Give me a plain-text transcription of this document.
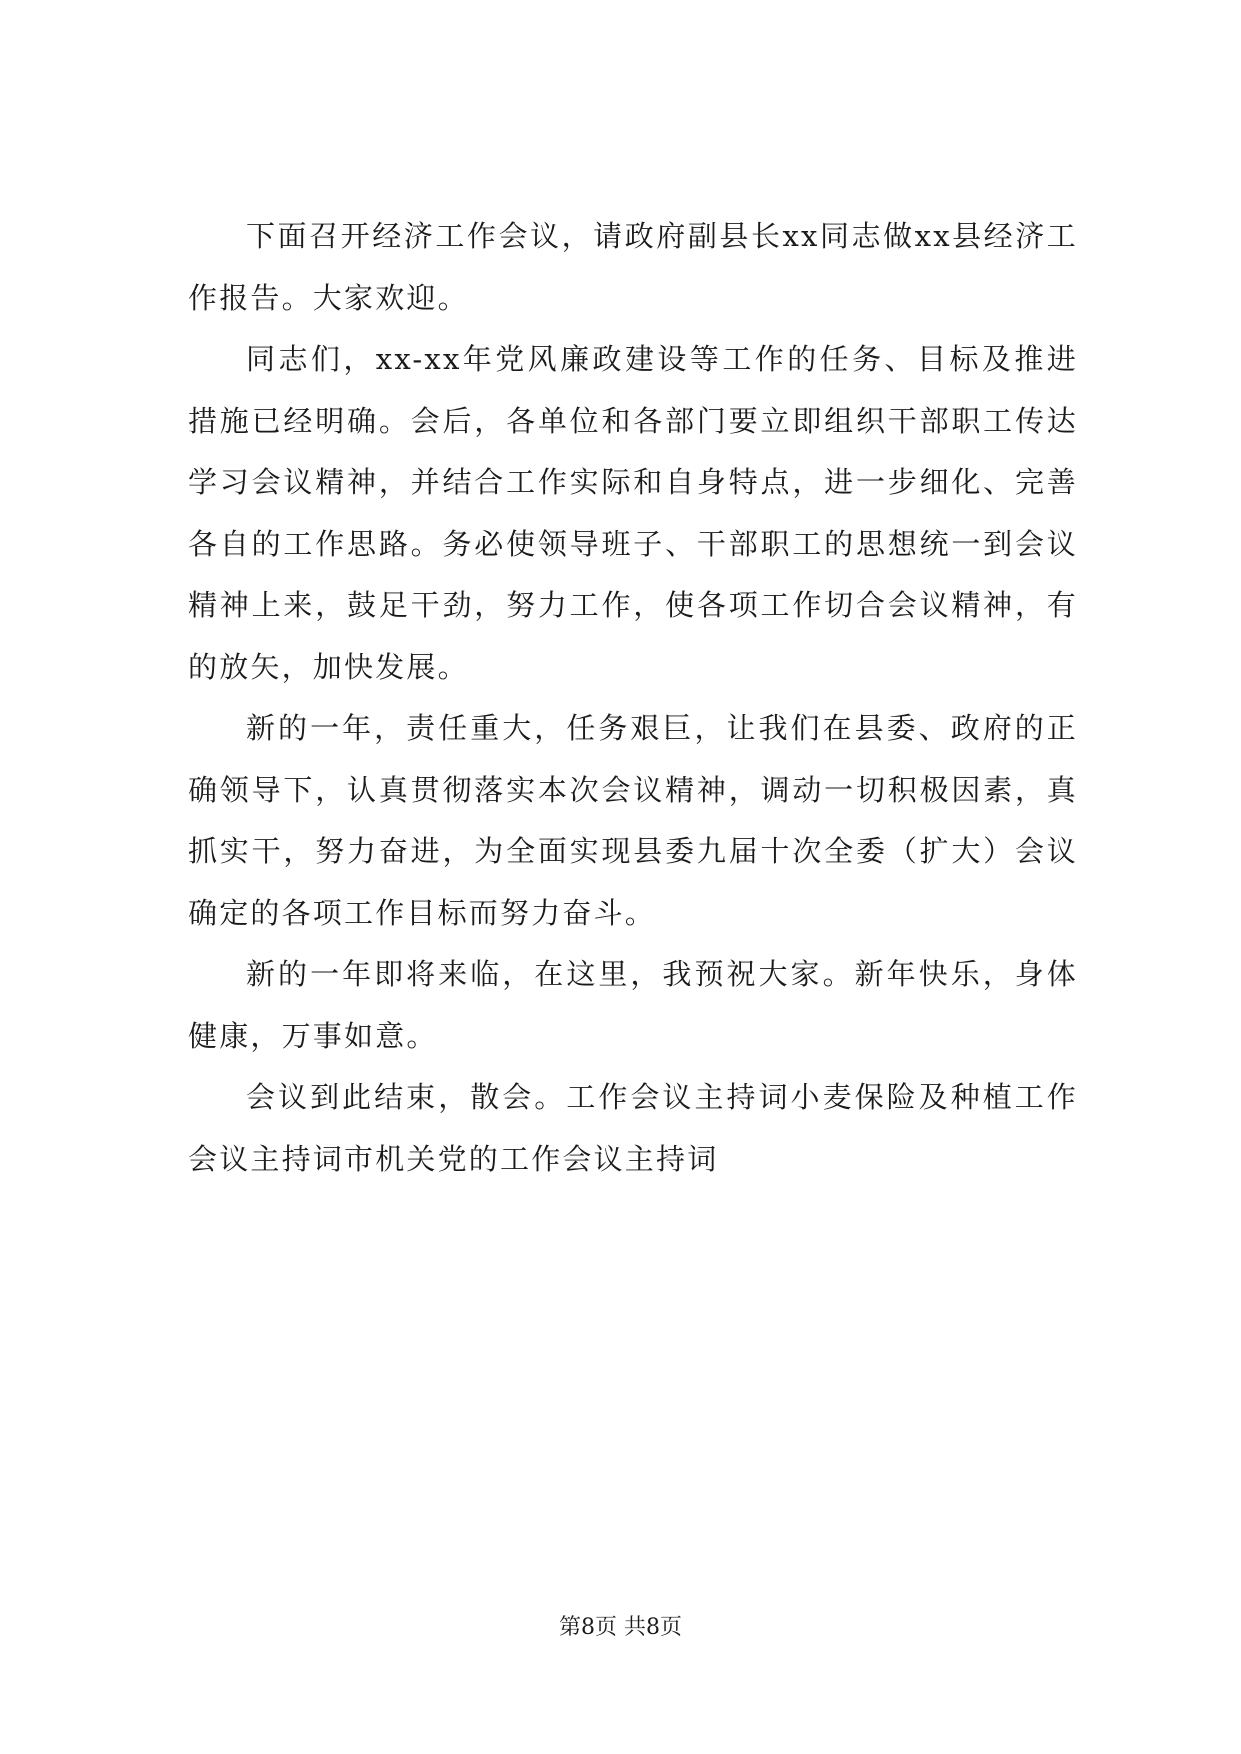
下面召开经济工作会议，请政府副县长xx同志做xx县经济工作报告。大家欢迎。

同志们，xx-xx年党风廉政建设等工作的任务、目标及推进措施已经明确。会后，各单位和各部门要立即组织干部职工传达学习会议精神，并结合工作实际和自身特点，进一步细化、完善各自的工作思路。务必使领导班子、干部职工的思想统一到会议精神上来，鼓足干劲，努力工作，使各项工作切合会议精神，有的放矢，加快发展。

新的一年，责任重大，任务艰巨，让我们在县委、政府的正确领导下，认真贯彻落实本次会议精神，调动一切积极因素，真抓实干，努力奋进，为全面实现县委九届十次全委（扩大）会议确定的各项工作目标而努力奋斗。

新的一年即将来临，在这里，我预祝大家。新年快乐，身体健康，万事如意。

会议到此结束，散会。工作会议主持词小麦保险及种植工作会议主持词市机关党的工作会议主持词

第8页 共8页
